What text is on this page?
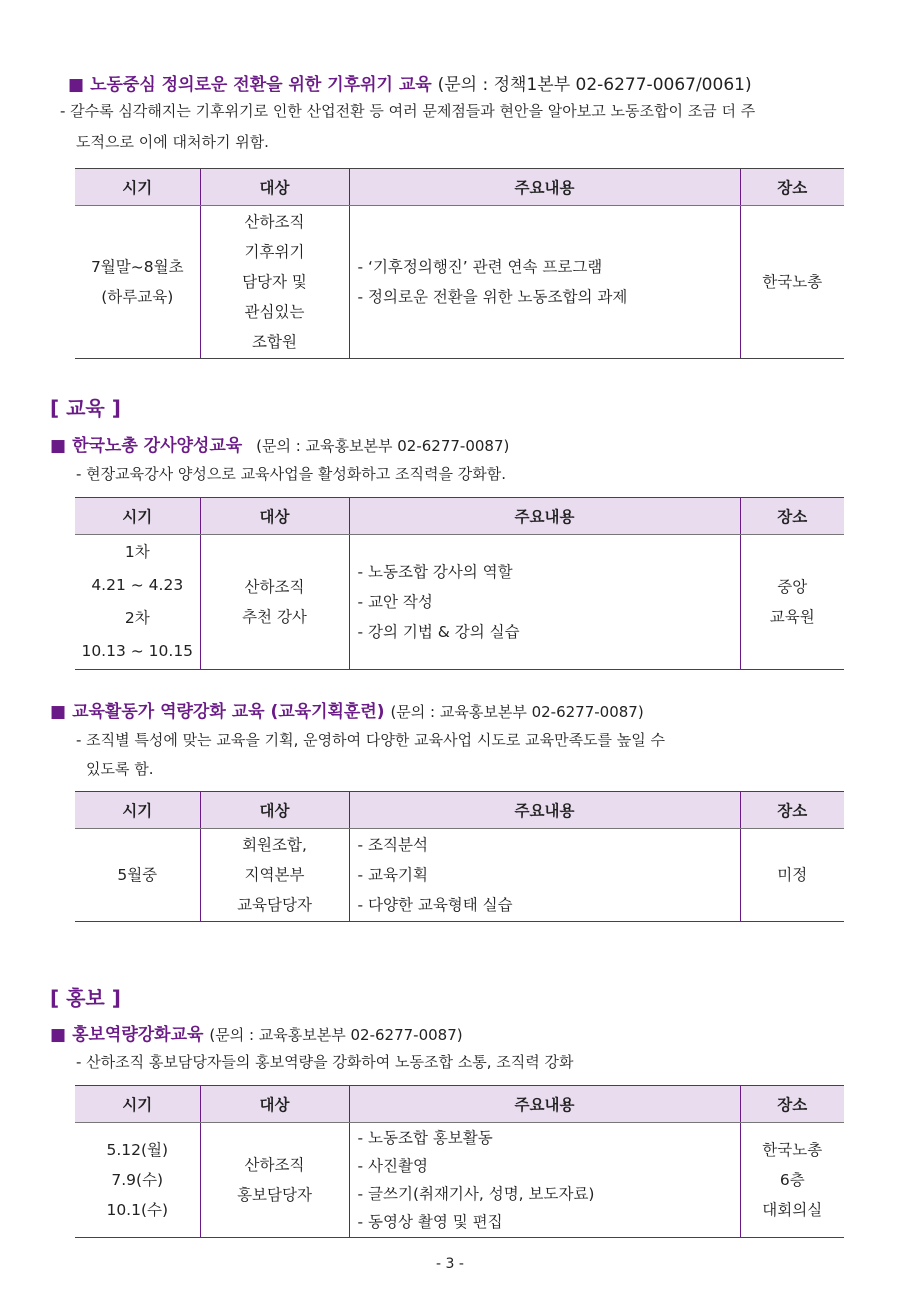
■ 노동중심 정의로운 전환을 위한 기후위기 교육 (문의 : 정책1본부 02-6277-0067/0061)
- 갈수록 심각해지는 기후위기로 인한 산업전환 등 여러 문제점들과 현안을 알아보고 노동조합이 조금 더 주
도적으로 이에 대처하기 위함.
시기	대상	주요내용	장소

7월말~8월초
(하루교육)	산하조직
기후위기
담당자 및
관심있는
조합원	- ‘기후정의행진’ 관련 연속 프로그램
- 정의로운 전환을 위한 노동조합의 과제	한국노총
[ 교육 ]
■ 한국노총 강사양성교육 (문의 : 교육홍보본부 02-6277-0087)
- 현장교육강사 양성으로 교육사업을 활성화하고 조직력을 강화함.
시기	대상	주요내용	장소

1차
4.21 ~ 4.23
2차
10.13 ~ 10.15	산하조직
추천 강사	- 노동조합 강사의 역할
- 교안 작성
- 강의 기법 & 강의 실습	중앙
교육원
■ 교육활동가 역량강화 교육 (교육기획훈련) (문의 : 교육홍보본부 02-6277-0087)
- 조직별 특성에 맞는 교육을 기획, 운영하여 다양한 교육사업 시도로 교육만족도를 높일 수
있도록 함.
시기	대상	주요내용	장소

5월중	회원조합,
지역본부
교육담당자	- 조직분석
- 교육기획
- 다양한 교육형태 실습	미정
[ 홍보 ]
■ 홍보역량강화교육 (문의 : 교육홍보본부 02-6277-0087)
- 산하조직 홍보담당자들의 홍보역량을 강화하여 노동조합 소통, 조직력 강화
시기	대상	주요내용	장소

5.12(월)
7.9(수)
10.1(수)	산하조직
홍보담당자	- 노동조합 홍보활동
- 사진촬영
- 글쓰기(취재기사, 성명, 보도자료)
- 동영상 촬영 및 편집	한국노총
6층
대회의실
- 3 -
